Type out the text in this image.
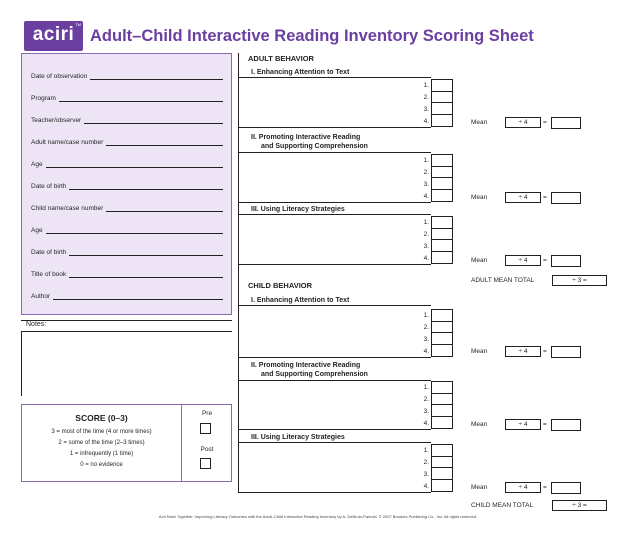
aciri TM
Adult–Child Interactive Reading Inventory Scoring Sheet
Date of observation
Program
Teacher/observer
Adult name/case number
Age
Date of birth
Child name/case number
Age
Date of birth
Title of book
Author
Notes:
SCORE (0–3)
3 = most of the time (4 or more times)
2 = some of the time (2–3 times)
1 = infrequently (1 time)
0 = no evidence
Pre
Post
ADULT BEHAVIOR
I. Enhancing Attention to Text
1.
2.
3.
4.	Mean	÷ 4	=
II. Promoting Interactive Reading
and Supporting Comprehension
1.
2.
3.
4.	Mean	÷ 4	=
III. Using Literacy Strategies
1.
2.
3.
4.	Mean	÷ 4	=
ADULT MEAN TOTAL	÷ 3 =
CHILD BEHAVIOR
I. Enhancing Attention to Text
1.
2.
3.
4.	Mean	÷ 4	=
II. Promoting Interactive Reading
and Supporting Comprehension
1.
2.
3.
4.	Mean	÷ 4	=
III. Using Literacy Strategies
1.
2.
3.
4.	Mean	÷ 4	=
CHILD MEAN TOTAL	÷ 3 =
Ach Now! Together: Improving Literacy Outcomes with the Adult–Child Interactive Reading Inventory by A. DeBruin-Parecki. © 2007 Brookes Publishing Co., Inc. All rights reserved.
